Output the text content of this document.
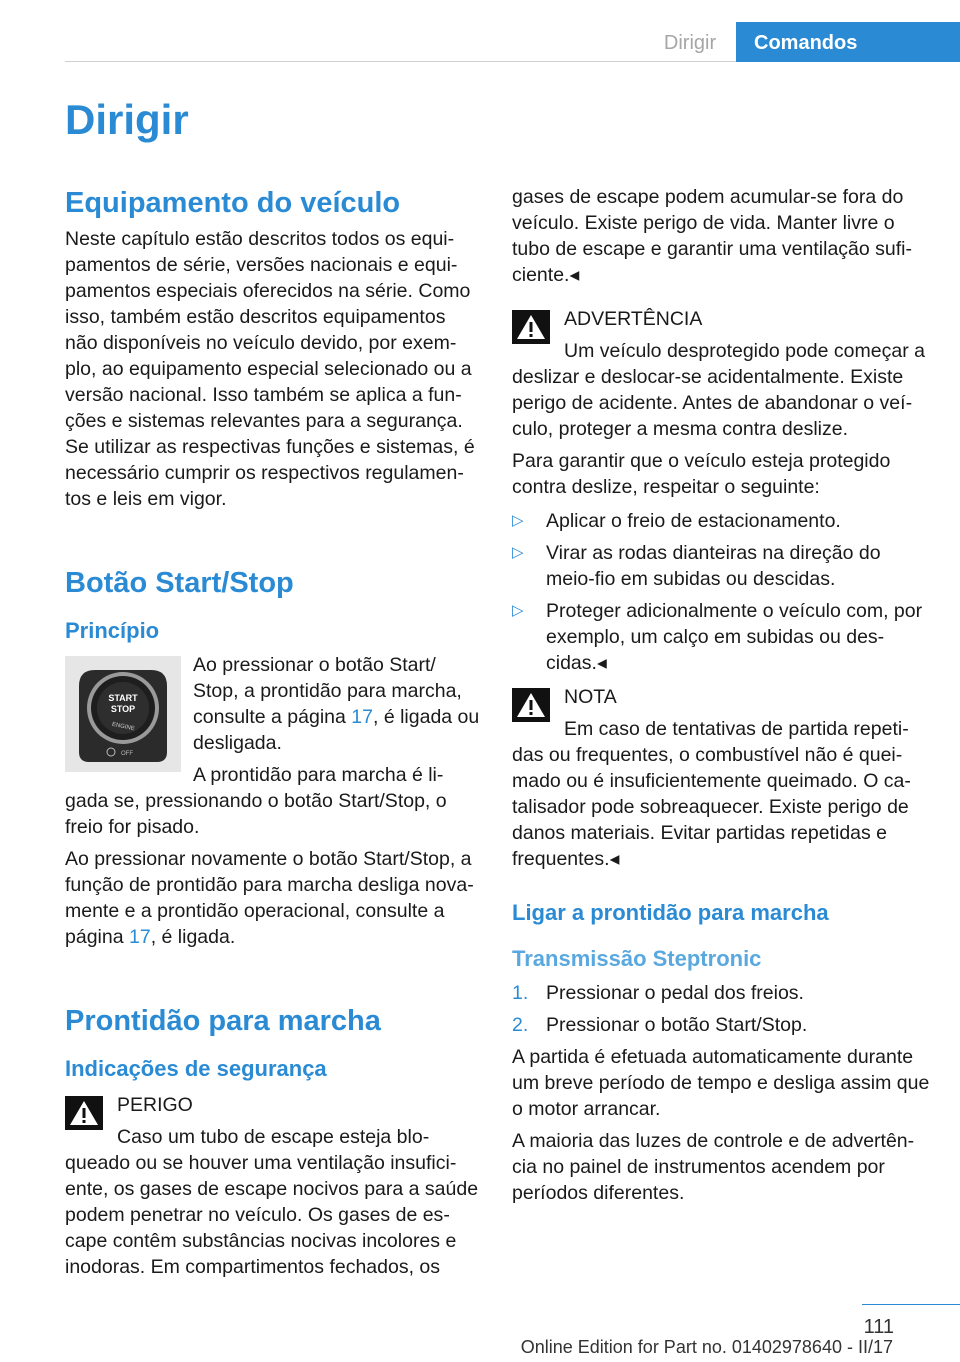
Dirigir	Comandos
Dirigir
Equipamento do veículo

Neste capítulo estão descritos todos os equipamentos de série, versões nacionais e equipamentos especiais oferecidos na série. Como isso, também estão descritos equipamentos não disponíveis no veículo devido, por exemplo, ao equipamento especial selecionado ou a versão nacional. Isso também se aplica a funções e sistemas relevantes para a segurança. Se utilizar as respectivas funções e sistemas, é necessário cumprir os respectivos regulamentos e leis em vigor.

Botão Start/Stop
Princípio
START
STOP
ENGINE
OFF

Ao pressionar o botão Start/ Stop, a prontidão para marcha, consulte a página 17, é ligada ou desligada.

A prontidão para marcha é ligada se, pressionando o botão Start/Stop, o freio for pisado.

Ao pressionar novamente o botão Start/Stop, a função de prontidão para marcha desliga novamente e a prontidão operacional, consulte a página 17, é ligada.

Prontidão para marcha
Indicações de segurança
PERIGO

Caso um tubo de escape esteja bloqueado ou se houver uma ventilação insuficiente, os gases de escape nocivos para a saúde podem penetrar no veículo. Os gases de escape contêm substâncias nocivas incolores e inodoras. Em compartimentos fechados, os

gases de escape podem acumular-se fora do veículo. Existe perigo de vida. Manter livre o tubo de escape e garantir uma ventilação suficiente.◂

ADVERTÊNCIA

Um veículo desprotegido pode começar a deslizar e deslocar-se acidentalmente. Existe perigo de acidente. Antes de abandonar o veículo, proteger a mesma contra deslize.

Para garantir que o veículo esteja protegido contra deslize, respeitar o seguinte:

▷ Aplicar o freio de estacionamento.
▷ Virar as rodas dianteiras na direção do meio-fio em subidas ou descidas.
▷ Proteger adicionalmente o veículo com, por exemplo, um calço em subidas ou descidas.◂
NOTA

Em caso de tentativas de partida repetidas ou frequentes, o combustível não é queimado ou é insuficientemente queimado. O catalisador pode sobreaquecer. Existe perigo de danos materiais. Evitar partidas repetidas e frequentes.◂

Ligar a prontidão para marcha
Transmissão Steptronic
1. Pressionar o pedal dos freios.
2. Pressionar o botão Start/Stop.

A partida é efetuada automaticamente durante um breve período de tempo e desliga assim que o motor arrancar.

A maioria das luzes de controle e de advertência no painel de instrumentos acendem por períodos diferentes.

111
Online Edition for Part no. 01402978640 - II/17
